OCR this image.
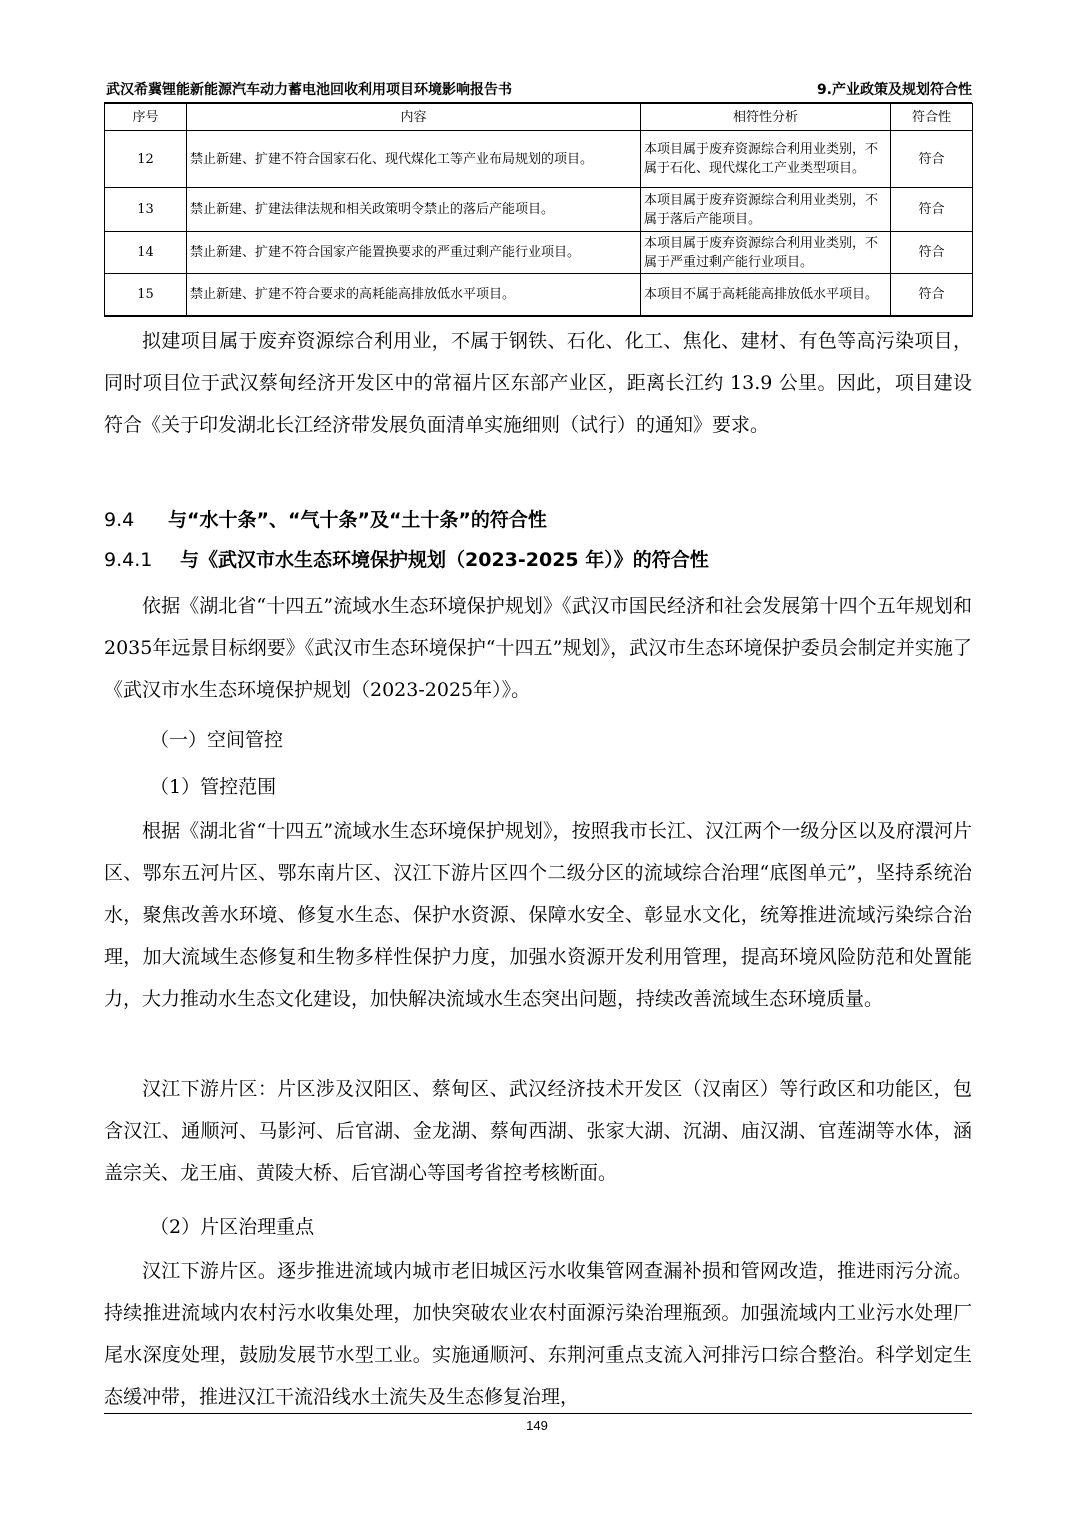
武汉希冀锂能新能源汽车动力蓄电池回收利用项目环境影响报告书	9.产业政策及规划符合性
序号	内容	相符性分析	符合性
12	禁止新建、扩建不符合国家石化、现代煤化工等产业布局规划的项目。	本项目属于废弃资源综合利用业类别，不属于石化、现代煤化工产业类型项目。	符合
13	禁止新建、扩建法律法规和相关政策明令禁止的落后产能项目。	本项目属于废弃资源综合利用业类别，不属于落后产能项目。	符合
14	禁止新建、扩建不符合国家产能置换要求的严重过剩产能行业项目。	本项目属于废弃资源综合利用业类别，不属于严重过剩产能行业项目。	符合
15	禁止新建、扩建不符合要求的高耗能高排放低水平项目。	本项目不属于高耗能高排放低水平项目。	符合
拟建项目属于废弃资源综合利用业，不属于钢铁、石化、化工、焦化、建材、有色等高污染项目，同时项目位于武汉蔡甸经济开发区中的常福片区东部产业区，距离长江约 13.9 公里。因此，项目建设符合《关于印发湖北长江经济带发展负面清单实施细则（试行）的通知》要求。
9.4 与“水十条”、“气十条”及“土十条”的符合性
9.4.1 与《武汉市水生态环境保护规划（2023-2025 年）》的符合性
依据《湖北省“十四五”流域水生态环境保护规划》《武汉市国民经济和社会发展第十四个五年规划和2035年远景目标纲要》《武汉市生态环境保护“十四五”规划》，武汉市生态环境保护委员会制定并实施了《武汉市水生态环境保护规划（2023-2025年）》。
（一）空间管控
（1）管控范围
根据《湖北省“十四五”流域水生态环境保护规划》，按照我市长江、汉江两个一级分区以及府澴河片区、鄂东五河片区、鄂东南片区、汉江下游片区四个二级分区的流域综合治理“底图单元”，坚持系统治水，聚焦改善水环境、修复水生态、保护水资源、保障水安全、彰显水文化，统筹推进流域污染综合治理，加大流域生态修复和生物多样性保护力度，加强水资源开发利用管理，提高环境风险防范和处置能力，大力推动水生态文化建设，加快解决流域水生态突出问题，持续改善流域生态环境质量。
汉江下游片区：片区涉及汉阳区、蔡甸区、武汉经济技术开发区（汉南区）等行政区和功能区，包含汉江、通顺河、马影河、后官湖、金龙湖、蔡甸西湖、张家大湖、沉湖、庙汉湖、官莲湖等水体，涵盖宗关、龙王庙、黄陵大桥、后官湖心等国考省控考核断面。
（2）片区治理重点
汉江下游片区。逐步推进流域内城市老旧城区污水收集管网查漏补损和管网改造，推进雨污分流。持续推进流域内农村污水收集处理，加快突破农业农村面源污染治理瓶颈。加强流域内工业污水处理厂尾水深度处理，鼓励发展节水型工业。实施通顺河、东荆河重点支流入河排污口综合整治。科学划定生态缓冲带，推进汉江干流沿线水土流失及生态修复治理，
149
